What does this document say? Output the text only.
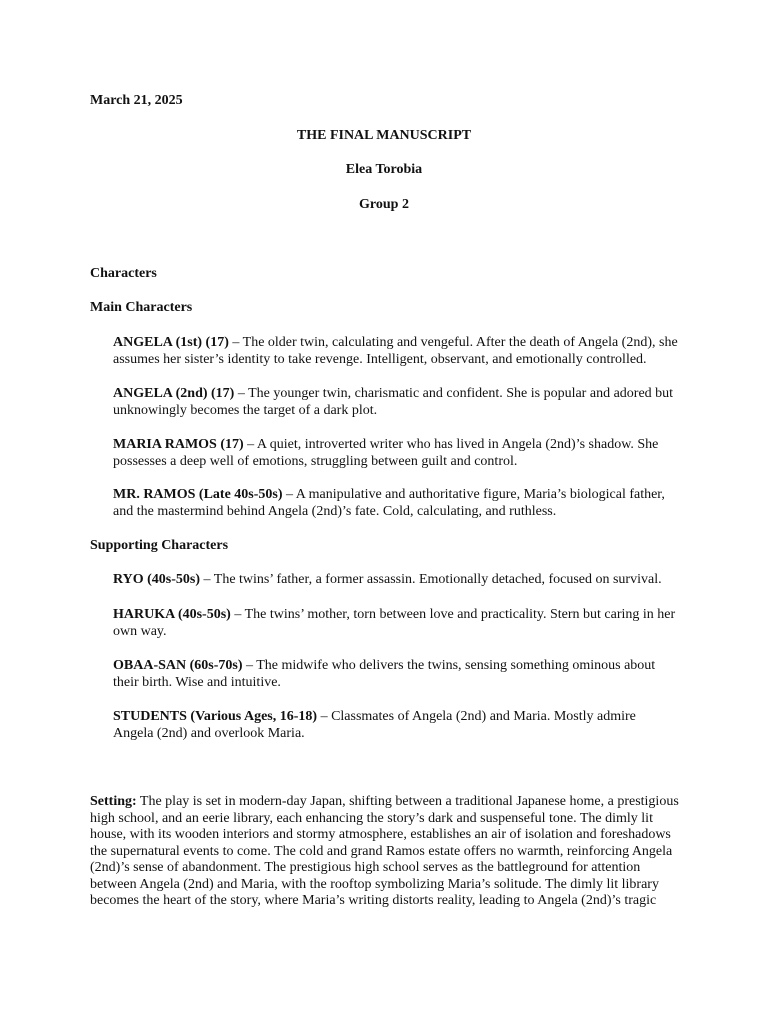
March 21, 2025

THE FINAL MANUSCRIPT

Elea Torobia

Group 2

Characters

Main Characters

ANGELA (1st) (17) – The older twin, calculating and vengeful. After the death of Angela (2nd), she assumes her sister’s identity to take revenge. Intelligent, observant, and emotionally controlled.

ANGELA (2nd) (17) – The younger twin, charismatic and confident. She is popular and adored but unknowingly becomes the target of a dark plot.

MARIA RAMOS (17) – A quiet, introverted writer who has lived in Angela (2nd)’s shadow. She possesses a deep well of emotions, struggling between guilt and control.

MR. RAMOS (Late 40s-50s) – A manipulative and authoritative figure, Maria’s biological father, and the mastermind behind Angela (2nd)’s fate. Cold, calculating, and ruthless.

Supporting Characters

RYO (40s-50s) – The twins’ father, a former assassin. Emotionally detached, focused on survival.

HARUKA (40s-50s) – The twins’ mother, torn between love and practicality. Stern but caring in her own way.

OBAA-SAN (60s-70s) – The midwife who delivers the twins, sensing something ominous about their birth. Wise and intuitive.

STUDENTS (Various Ages, 16-18) – Classmates of Angela (2nd) and Maria. Mostly admire Angela (2nd) and overlook Maria.

Setting: The play is set in modern-day Japan, shifting between a traditional Japanese home, a prestigious high school, and an eerie library, each enhancing the story’s dark and suspenseful tone. The dimly lit house, with its wooden interiors and stormy atmosphere, establishes an air of isolation and foreshadows the supernatural events to come. The cold and grand Ramos estate offers no warmth, reinforcing Angela (2nd)’s sense of abandonment. The prestigious high school serves as the battleground for attention between Angela (2nd) and Maria, with the rooftop symbolizing Maria’s solitude. The dimly lit library becomes the heart of the story, where Maria’s writing distorts reality, leading to Angela (2nd)’s tragic
